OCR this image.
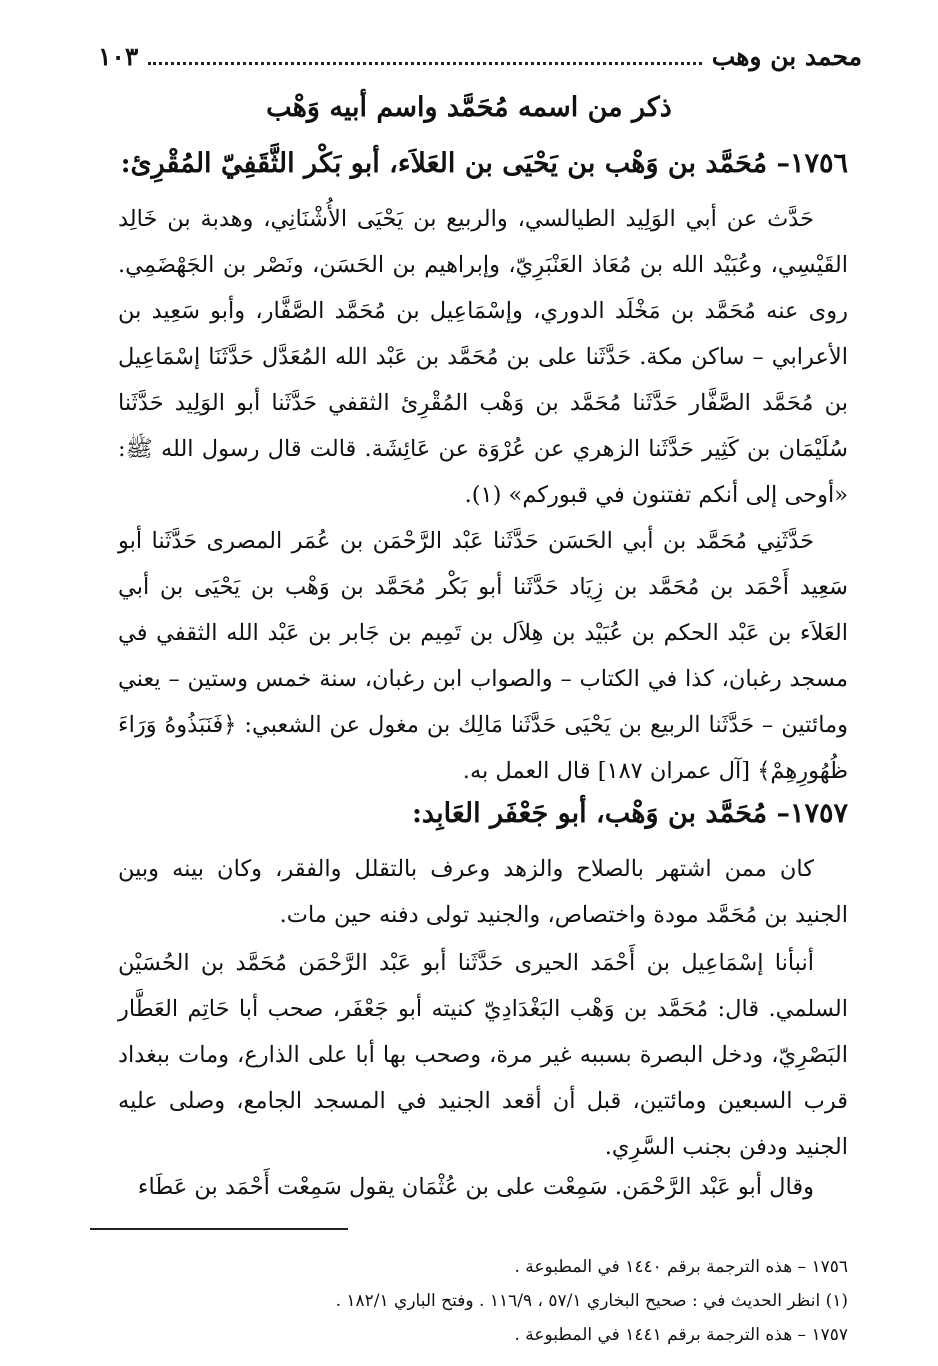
محمد بن وهب
١٠٣
ذكر من اسمه مُحَمَّد واسم أبيه وَهْب
١٧٥٦– مُحَمَّد بن وَهْب بن يَحْيَى بن العَلاَء، أبو بَكْر الثَّقَفِيّ المُقْرِئ:

حَدَّث عن أبي الوَلِيد الطيالسي، والربيع بن يَحْيَى الأُشْنَانِي، وهدبة بن خَالِد القَيْسِي، وعُبَيْد الله بن مُعَاذ العَنْبَرِيّ، وإبراهيم بن الحَسَن، ونَصْر بن الجَهْضَمِي. روى عنه مُحَمَّد بن مَخْلَد الدوري، وإسْمَاعِيل بن مُحَمَّد الصَّفَّار، وأبو سَعِيد بن الأعرابي – ساكن مكة. حَدَّثَنا على بن مُحَمَّد بن عَبْد الله المُعَدَّل حَدَّثَنَا إسْمَاعِيل بن مُحَمَّد الصَّفَّار حَدَّثَنا مُحَمَّد بن وَهْب المُقْرِئ الثقفي حَدَّثَنا أبو الوَلِيد حَدَّثَنا سُلَيْمَان بن كَثِير حَدَّثَنا الزهري عن عُرْوَة عن عَائِشَة. قالت قال رسول الله ﷺ: «أوحى إلى أنكم تفتنون في قبوركم» (١).

حَدَّثَنِي مُحَمَّد بن أبي الحَسَن حَدَّثَنا عَبْد الرَّحْمَن بن عُمَر المصرى حَدَّثَنا أبو سَعِيد أَحْمَد بن مُحَمَّد بن زِيَاد حَدَّثَنا أبو بَكْر مُحَمَّد بن وَهْب بن يَحْيَى بن أبي العَلاَء بن عَبْد الحكم بن عُبَيْد بن هِلاَل بن تَمِيم بن جَابر بن عَبْد الله الثقفي في مسجد رغبان، كذا في الكتاب – والصواب ابن رغبان، سنة خمس وستين – يعني ومائتين – حَدَّثَنا الربيع بن يَحْيَى حَدَّثَنا مَالِك بن مغول عن الشعبي: ﴿فَنَبَذُوهُ وَرَاءَ ظُهُورِهِمْ﴾ [آل عمران ١٨٧] قال العمل به.

١٧٥٧– مُحَمَّد بن وَهْب، أبو جَعْفَر العَابِد:

كان ممن اشتهر بالصلاح والزهد وعرف بالتقلل والفقر، وكان بينه وبين الجنيد بن مُحَمَّد مودة واختصاص، والجنيد تولى دفنه حين مات.

أنبأنا إسْمَاعِيل بن أَحْمَد الحيرى حَدَّثَنا أبو عَبْد الرَّحْمَن مُحَمَّد بن الحُسَيْن السلمي. قال: مُحَمَّد بن وَهْب البَغْدَادِيّ كنيته أبو جَعْفَر، صحب أبا حَاتِم العَطَّار البَصْرِيّ، ودخل البصرة بسببه غير مرة، وصحب بها أبا على الذارع، ومات ببغداد قرب السبعين ومائتين، قبل أن أقعد الجنيد في المسجد الجامع، وصلى عليه الجنيد ودفن بجنب السَّرِي.

وقال أبو عَبْد الرَّحْمَن. سَمِعْت على بن عُثْمَان يقول سَمِعْت أَحْمَد بن عَطَاء

١٧٥٦ – هذه الترجمة برقم ١٤٤٠ في المطبوعة .

(١) انظر الحديث في : صحيح البخاري ٥٧/١ ، ١١٦/٩ . وفتح الباري ١٨٢/١ .

١٧٥٧ – هذه الترجمة برقم ١٤٤١ في المطبوعة .
